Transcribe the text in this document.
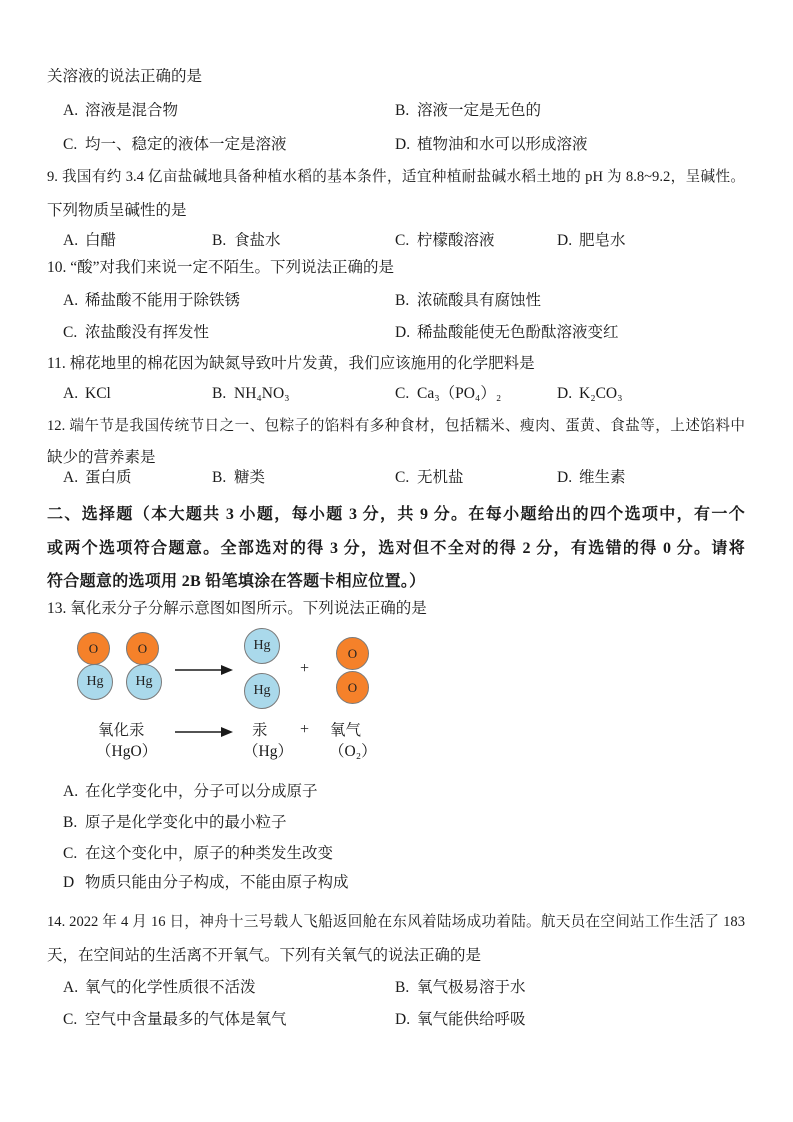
关溶液的说法正确的是
A. 溶液是混合物	B. 溶液一定是无色的
C. 均一、稳定的液体一定是溶液	D. 植物油和水可以形成溶液
9. 我国有约 3.4 亿亩盐碱地具备种植水稻的基本条件，适宜种植耐盐碱水稻土地的 pH 为 8.8~9.2，呈碱性。
下列物质呈碱性的是
A. 白醋	B. 食盐水	C. 柠檬酸溶液	D. 肥皂水
10. “酸”对我们来说一定不陌生。下列说法正确的是
A. 稀盐酸不能用于除铁锈	B. 浓硫酸具有腐蚀性
C. 浓盐酸没有挥发性	D. 稀盐酸能使无色酚酞溶液变红
11. 棉花地里的棉花因为缺氮导致叶片发黄，我们应该施用的化学肥料是
A. KCl	B. NH₄NO₃	C. Ca₃（PO₄）₂	D. K₂CO₃
12. 端午节是我国传统节日之一、包粽子的馅料有多种食材，包括糯米、瘦肉、蛋黄、食盐等，上述馅料中
缺少的营养素是
A. 蛋白质	B. 糖类	C. 无机盐	D. 维生素
二、选择题（本大题共 3 小题，每小题 3 分，共 9 分。在每小题给出的四个选项中，有一个
或两个选项符合题意。全部选对的得 3 分，选对但不全对的得 2 分，有选错的得 0 分。请将
符合题意的选项用 2B 铅笔填涂在答题卡相应位置。）
13. 氧化汞分子分解示意图如图所示。下列说法正确的是
O	O
Hg Hg
Hg
Hg
+
O
O
氧化汞 → 汞 + 氧气
（HgO）	（Hg） （O₂）
A. 在化学变化中，分子可以分成原子
B. 原子是化学变化中的最小粒子
C. 在这个变化中，原子的种类发生改变
D 物质只能由分子构成，不能由原子构成
14. 2022 年 4 月 16 日，神舟十三号载人飞船返回舱在东风着陆场成功着陆。航天员在空间站工作生活了 183
天，在空间站的生活离不开氧气。下列有关氧气的说法正确的是
A. 氧气的化学性质很不活泼	B. 氧气极易溶于水
C. 空气中含量最多的气体是氧气	D. 氧气能供给呼吸
